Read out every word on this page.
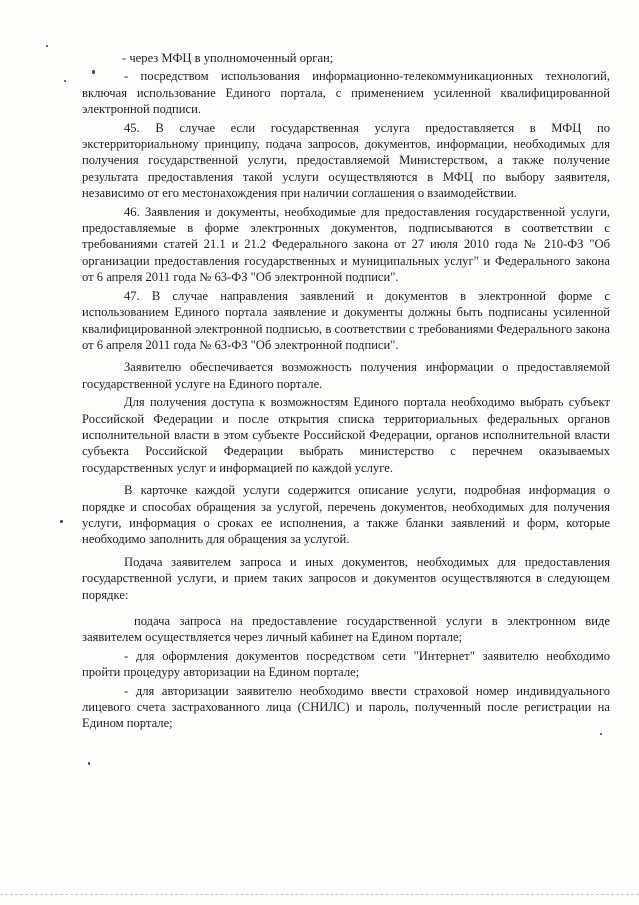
- через МФЦ в уполномоченный орган;

- посредством использования информационно-телекоммуникационных технологий, включая использование Единого портала, с применением усиленной квалифицированной электронной подписи.

45. В случае если государственная услуга предоставляется в МФЦ по экстерриториальному принципу, подача запросов, документов, информации, необходимых для получения государственной услуги, предоставляемой Министерством, а также получение результата предоставления такой услуги осуществляются в МФЦ по выбору заявителя, независимо от его местонахождения при наличии соглашения о взаимодействии.

46. Заявления и документы, необходимые для предоставления государственной услуги, предоставляемые в форме электронных документов, подписываются в соответствии с требованиями статей 21.1 и 21.2 Федерального закона от 27 июля 2010 года № 210-ФЗ "Об организации предоставления государственных и муниципальных услуг" и Федерального закона от 6 апреля 2011 года № 63-ФЗ "Об электронной подписи".

47. В случае направления заявлений и документов в электронной форме с использованием Единого портала заявление и документы должны быть подписаны усиленной квалифицированной электронной подписью, в соответствии с требованиями Федерального закона от 6 апреля 2011 года № 63-ФЗ "Об электронной подписи".

Заявителю обеспечивается возможность получения информации о предоставляемой государственной услуге на Единого портале.

Для получения доступа к возможностям Единого портала необходимо выбрать субъект Российской Федерации и после открытия списка территориальных федеральных органов исполнительной власти в этом субъекте Российской Федерации, органов исполнительной власти субъекта Российской Федерации выбрать министерство с перечнем оказываемых государственных услуг и информацией по каждой услуге.

В карточке каждой услуги содержится описание услуги, подробная информация о порядке и способах обращения за услугой, перечень документов, необходимых для получения услуги, информация о сроках ее исполнения, а также бланки заявлений и форм, которые необходимо заполнить для обращения за услугой.

Подача заявителем запроса и иных документов, необходимых для предоставления государственной услуги, и прием таких запросов и документов осуществляются в следующем порядке:

подача запроса на предоставление государственной услуги в электронном виде заявителем осуществляется через личный кабинет на Едином портале;

- для оформления документов посредством сети "Интернет" заявителю необходимо пройти процедуру авторизации на Едином портале;

- для авторизации заявителю необходимо ввести страховой номер индивидуального лицевого счета застрахованного лица (СНИЛС) и пароль, полученный после регистрации на Едином портале;
